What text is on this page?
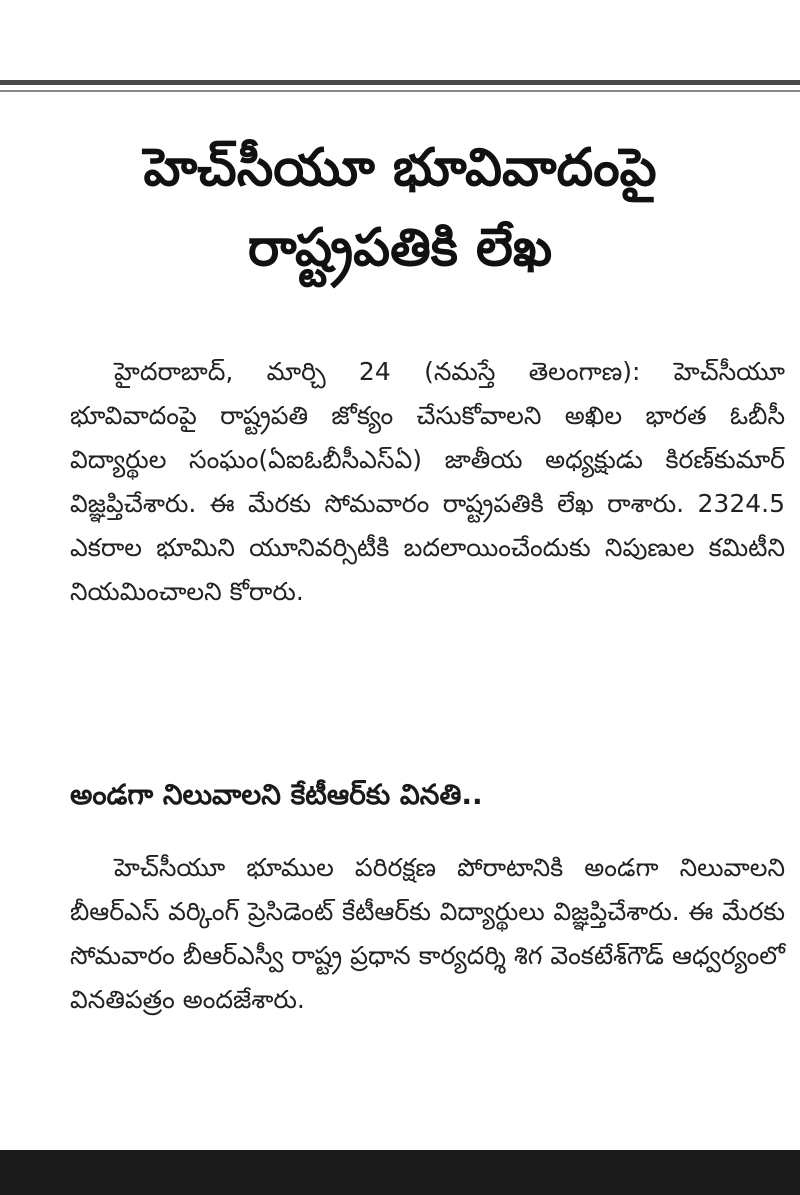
హెచ్‌సీయూ భూవివాదంపై
రాష్ట్రపతికి లేఖ
హైదరాబాద్, మార్చి 24 (నమస్తే తెలంగాణ): హెచ్‌సీయూ భూవివాదంపై రాష్ట్రపతి జోక్యం చేసుకోవాలని అఖిల భారత ఓబీసీ విద్యార్థుల సంఘం(ఏఐఓబీసీఎస్‌ఏ) జాతీయ అధ్యక్షుడు కిరణ్‌కుమార్ విజ్ఞప్తిచేశారు. ఈ మేరకు సోమవారం రాష్ట్రపతికి లేఖ రాశారు. 2324.5 ఎకరాల భూమిని యూనివర్సిటీకి బదలాయించేందుకు నిపుణుల కమిటీని నియమించాలని కోరారు.
అండగా నిలువాలని కేటీఆర్‌కు వినతి..
హెచ్‌సీయూ భూముల పరిరక్షణ పోరాటానికి అండగా నిలువాలని బీఆర్‌ఎస్ వర్కింగ్ ప్రెసిడెంట్ కేటీఆర్‌కు విద్యార్థులు విజ్ఞప్తిచేశారు. ఈ మేరకు సోమవారం బీఆర్‌ఎస్వీ రాష్ట్ర ప్రధాన కార్యదర్శి శిగ వెంకటేశ్‌గౌడ్ ఆధ్వర్యంలో వినతిపత్రం అందజేశారు.
